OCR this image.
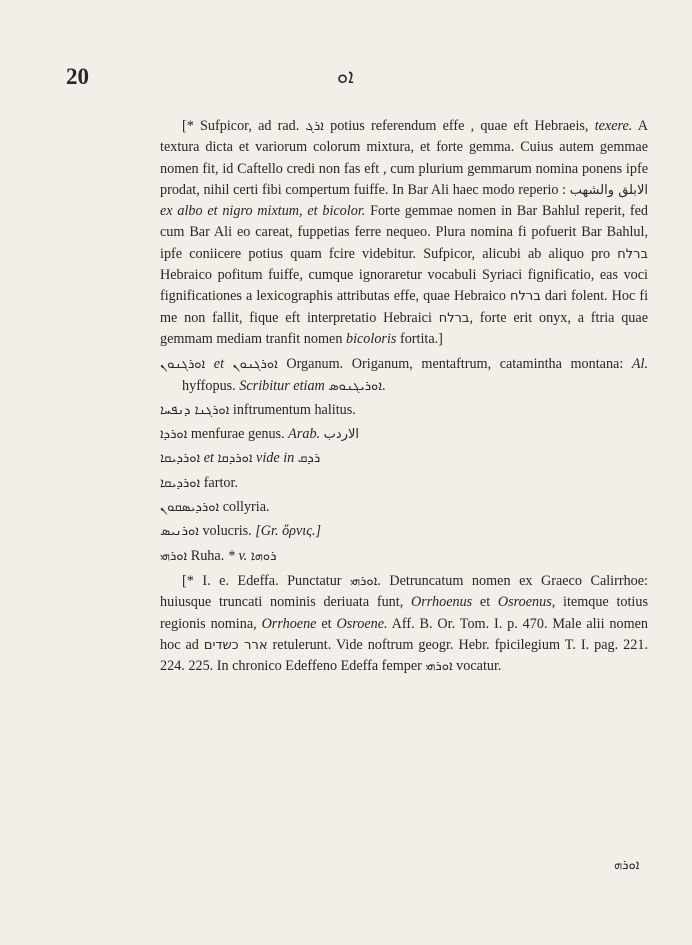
20	ܐܘ

[* Sufpicor, ad rad. ܐܪܓ potius referendum effe , quae eft Hebraeis, texere. A textura dicta et variorum colorum mixtura, et forte gemma. Cuius autem gemmae nomen fit, id Caftello credi non fas eft , cum plurium gemmarum nomina ponens ipfe prodat, nihil certi fibi compertum fuiffe. In Bar Ali haec modo reperio : الابلق والشهب ex albo et nigro mixtum, et bicolor. Forte gemmae nomen in Bar Bahlul reperit, fed cum Bar Ali eo careat, fuppetias ferre nequeo. Plura nomina fi pofuerit Bar Bahlul, ipfe coniicere potius quam fcire videbitur. Sufpicor, alicubi ab aliquo pro ברלח Hebraico pofitum fuiffe, cumque ignoraretur vocabuli Syriaci fignificatio, eas voci fignificationes a lexicographis attributas effe, quae Hebraico ברלח dari folent. Hoc fi me non fallit, fique eft interpretatio Hebraici ברלח, forte erit onyx, a ftria quae gemmam mediam tranfit nomen bicoloris fortita.]

ܐܘܪܓܢܘܢ et ܐܘܪܓܢܘܢ Organum. Origanum, mentaftrum, catamintha montana: Al. hyffopus. Scribitur etiam ܐܘܪܝܓܢܘܣ.

ܐܘܪܓܢܐ ܕܢܦܚܐ inftrumentum halitus.

ܐܘܪܕܐ menfurae genus. Arab. الاردب

ܐܘܪܕܝܩܐ et ܐܘܪܕܩܐ vide in ܪܕܩ

ܐܘܪܕܝܩܐ fartor.

ܐܘܪܕܝܣܩܘܢ collyria.

ܐܘܪܢܝܣ volucris. [Gr. ὄρνις.]

ܐܘܪܗܝ Ruha. * v. ܪܘܗܐ

[* I. e. Edeffa. Punctatur ܐܘܪܗܝ. Detruncatum nomen ex Graeco Calirrhoe: huiusque truncati nominis deriuata funt, Orrhoenus et Osroenus, itemque totius regionis nomina, Orrhoene et Osroene. Aff. B. Or. Tom. I. p. 470. Male alii nomen hoc ad ארר כשדים retulerunt. Vide noftrum geogr. Hebr. fpicilegium T. I. pag. 221. 224. 225. In chronico Edeffeno Edeffa femper ܐܘܪܗܝ vocatur.

ܐܘܪܗ
